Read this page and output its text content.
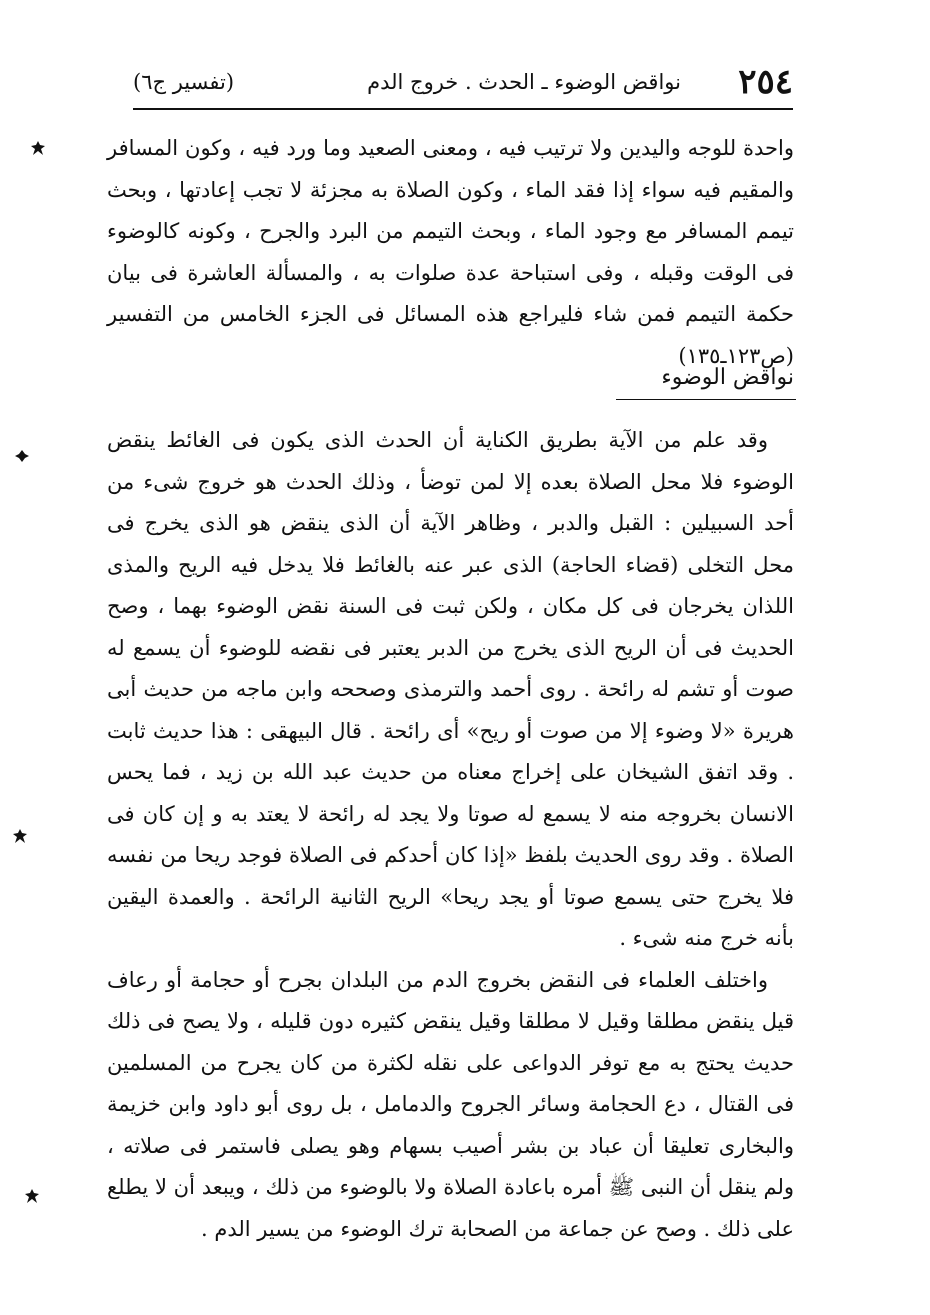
٢٥٤
نواقض الوضوء ـ الحدث . خروج الدم
(تفسير ج٦)

واحدة للوجه واليدين ولا ترتيب فيه ، ومعنى الصعيد وما ورد فيه ، وكون المسافر والمقيم فيه سواء إذا فقد الماء ، وكون الصلاة به مجزئة لا تجب إعادتها ، وبحث تيمم المسافر مع وجود الماء ، وبحث التيمم من البرد والجرح ، وكونه كالوضوء فى الوقت وقبله ، وفى استباحة عدة صلوات به ، والمسألة العاشرة فى بيان حكمة التيمم فمن شاء فليراجع هذه المسائل فى الجزء الخامس من التفسير (ص١٢٣ـ١٣٥)

نواقض الوضوء

وقد علم من الآية بطريق الكناية أن الحدث الذى يكون فى الغائط ينقض الوضوء فلا محل الصلاة بعده إلا لمن توضأ ، وذلك الحدث هو خروج شىء من أحد السبيلين : القبل والدبر ، وظاهر الآية أن الذى ينقض هو الذى يخرج فى محل التخلى (قضاء الحاجة) الذى عبر عنه بالغائط فلا يدخل فيه الريح والمذى اللذان يخرجان فى كل مكان ، ولكن ثبت فى السنة نقض الوضوء بهما ، وصح الحديث فى أن الريح الذى يخرج من الدبر يعتبر فى نقضه للوضوء أن يسمع له صوت أو تشم له رائحة . روى أحمد والترمذى وصححه وابن ماجه من حديث أبى هريرة «لا وضوء إلا من صوت أو ريح» أى رائحة . قال البيهقى : هذا حديث ثابت . وقد اتفق الشيخان على إخراج معناه من حديث عبد الله بن زيد ، فما يحس الانسان بخروجه منه لا يسمع له صوتا ولا يجد له رائحة لا يعتد به و إن كان فى الصلاة . وقد روى الحديث بلفظ «إذا كان أحدكم فى الصلاة فوجد ريحا من نفسه فلا يخرج حتى يسمع صوتا أو يجد ريحا» الريح الثانية الرائحة . والعمدة اليقين بأنه خرج منه شىء .

واختلف العلماء فى النقض بخروج الدم من البلدان بجرح أو حجامة أو رعاف قيل ينقض مطلقا وقيل لا مطلقا وقيل ينقض كثيره دون قليله ، ولا يصح فى ذلك حديث يحتج به مع توفر الدواعى على نقله لكثرة من كان يجرح من المسلمين فى القتال ، دع الحجامة وسائر الجروح والدمامل ، بل روى أبو داود وابن خزيمة والبخارى تعليقا أن عباد بن بشر أصيب بسهام وهو يصلى فاستمر فى صلاته ، ولم ينقل أن النبى ﷺ أمره باعادة الصلاة ولا بالوضوء من ذلك ، ويبعد أن لا يطلع على ذلك . وصح عن جماعة من الصحابة ترك الوضوء من يسير الدم .
